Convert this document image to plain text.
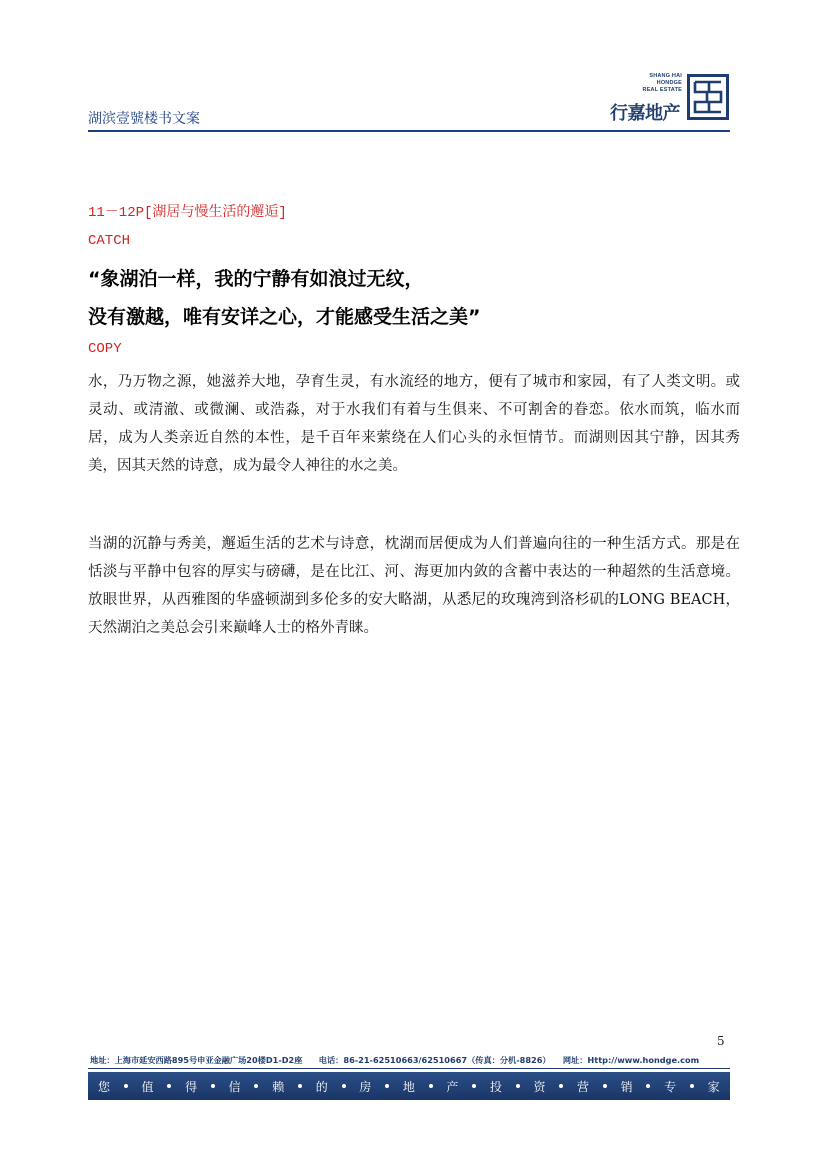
湖滨壹號楼书文案
SHANG HAI
HONDGE
REAL ESTATE
行嘉地产
11－12P[湖居与慢生活的邂逅]
CATCH
“象湖泊一样，我的宁静有如浪过无纹，
没有激越，唯有安详之心，才能感受生活之美”
COPY

水，乃万物之源，她滋养大地，孕育生灵，有水流经的地方，便有了城市和家园，有了人类文明。或灵动、或清澈、或微澜、或浩淼，对于水我们有着与生俱来、不可割舍的眷恋。依水而筑，临水而居，成为人类亲近自然的本性，是千百年来萦绕在人们心头的永恒情节。而湖则因其宁静，因其秀美，因其天然的诗意，成为最令人神往的水之美。

当湖的沉静与秀美，邂逅生活的艺术与诗意，枕湖而居便成为人们普遍向往的一种生活方式。那是在恬淡与平静中包容的厚实与磅礴，是在比江、河、海更加内敛的含蓄中表达的一种超然的生活意境。放眼世界，从西雅图的华盛顿湖到多伦多的安大略湖，从悉尼的玫瑰湾到洛杉矶的LONG BEACH，天然湖泊之美总会引来巅峰人士的格外青睐。

5
地址：上海市延安西路895号申亚金融广场20楼D1-D2座　　电话：86-21-62510663/62510667（传真：分机-8826）　　网址：Http://www.hondge.com
您	值	得	信	赖	的	房	地	产	投	资	营	销	专	家
